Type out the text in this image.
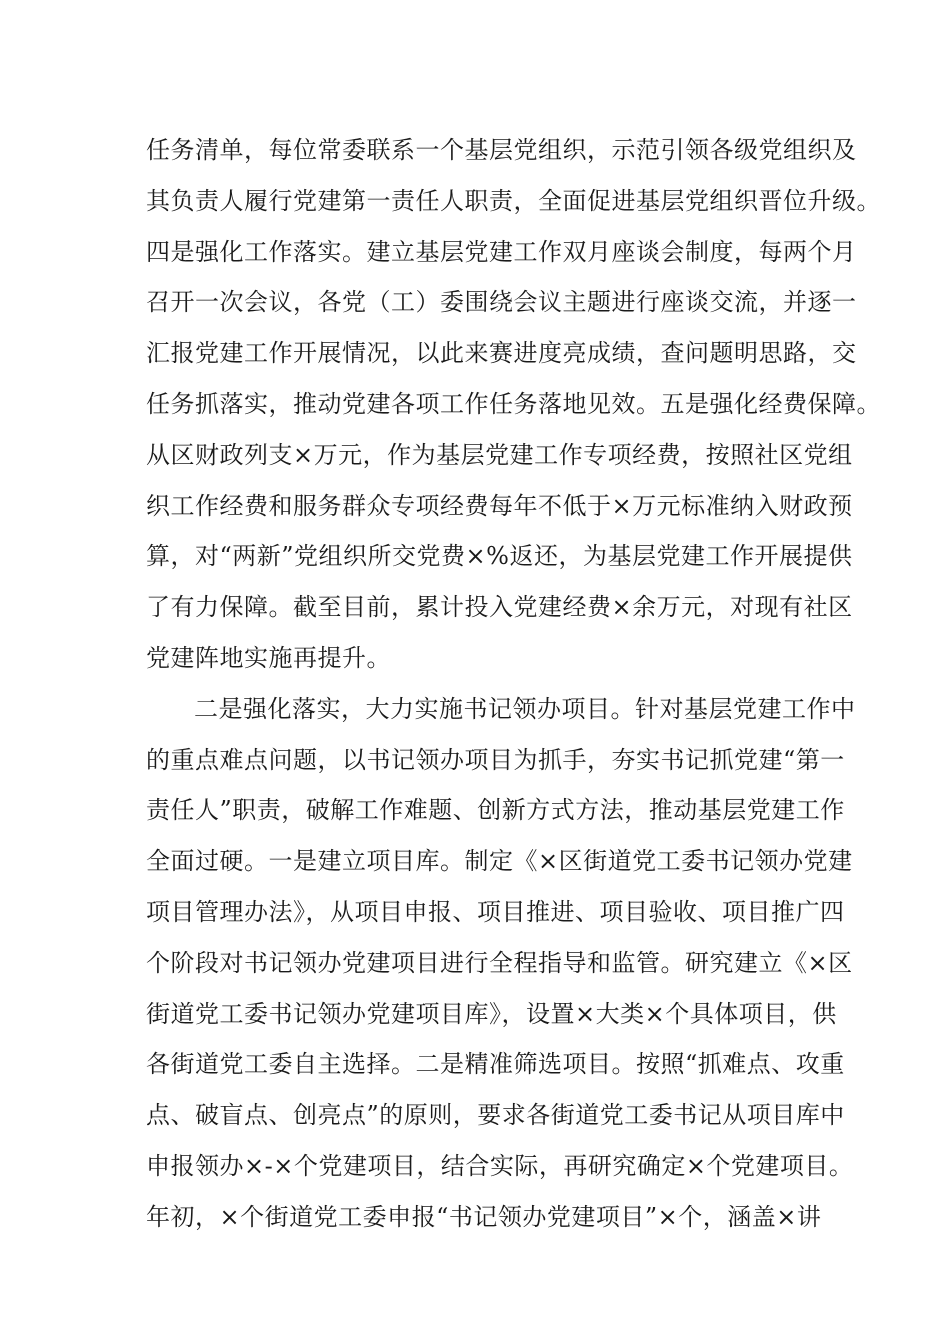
任务清单，每位常委联系一个基层党组织，示范引领各级党组织及
其负责人履行党建第一责任人职责，全面促进基层党组织晋位升级。
四是强化工作落实。建立基层党建工作双月座谈会制度，每两个月
召开一次会议，各党（工）委围绕会议主题进行座谈交流，并逐一
汇报党建工作开展情况，以此来赛进度亮成绩，查问题明思路，交
任务抓落实，推动党建各项工作任务落地见效。五是强化经费保障。
从区财政列支×万元，作为基层党建工作专项经费，按照社区党组
织工作经费和服务群众专项经费每年不低于×万元标准纳入财政预
算，对“两新”党组织所交党费×%返还，为基层党建工作开展提供
了有力保障。截至目前，累计投入党建经费×余万元，对现有社区
党建阵地实施再提升。
二是强化落实，大力实施书记领办项目。针对基层党建工作中
的重点难点问题，以书记领办项目为抓手，夯实书记抓党建“第一
责任人”职责，破解工作难题、创新方式方法，推动基层党建工作
全面过硬。一是建立项目库。制定《×区街道党工委书记领办党建
项目管理办法》，从项目申报、项目推进、项目验收、项目推广四
个阶段对书记领办党建项目进行全程指导和监管。研究建立《×区
街道党工委书记领办党建项目库》，设置×大类×个具体项目，供
各街道党工委自主选择。二是精准筛选项目。按照“抓难点、攻重
点、破盲点、创亮点”的原则，要求各街道党工委书记从项目库中
申报领办×-×个党建项目，结合实际，再研究确定×个党建项目。
年初，×个街道党工委申报“书记领办党建项目”×个，涵盖×讲
